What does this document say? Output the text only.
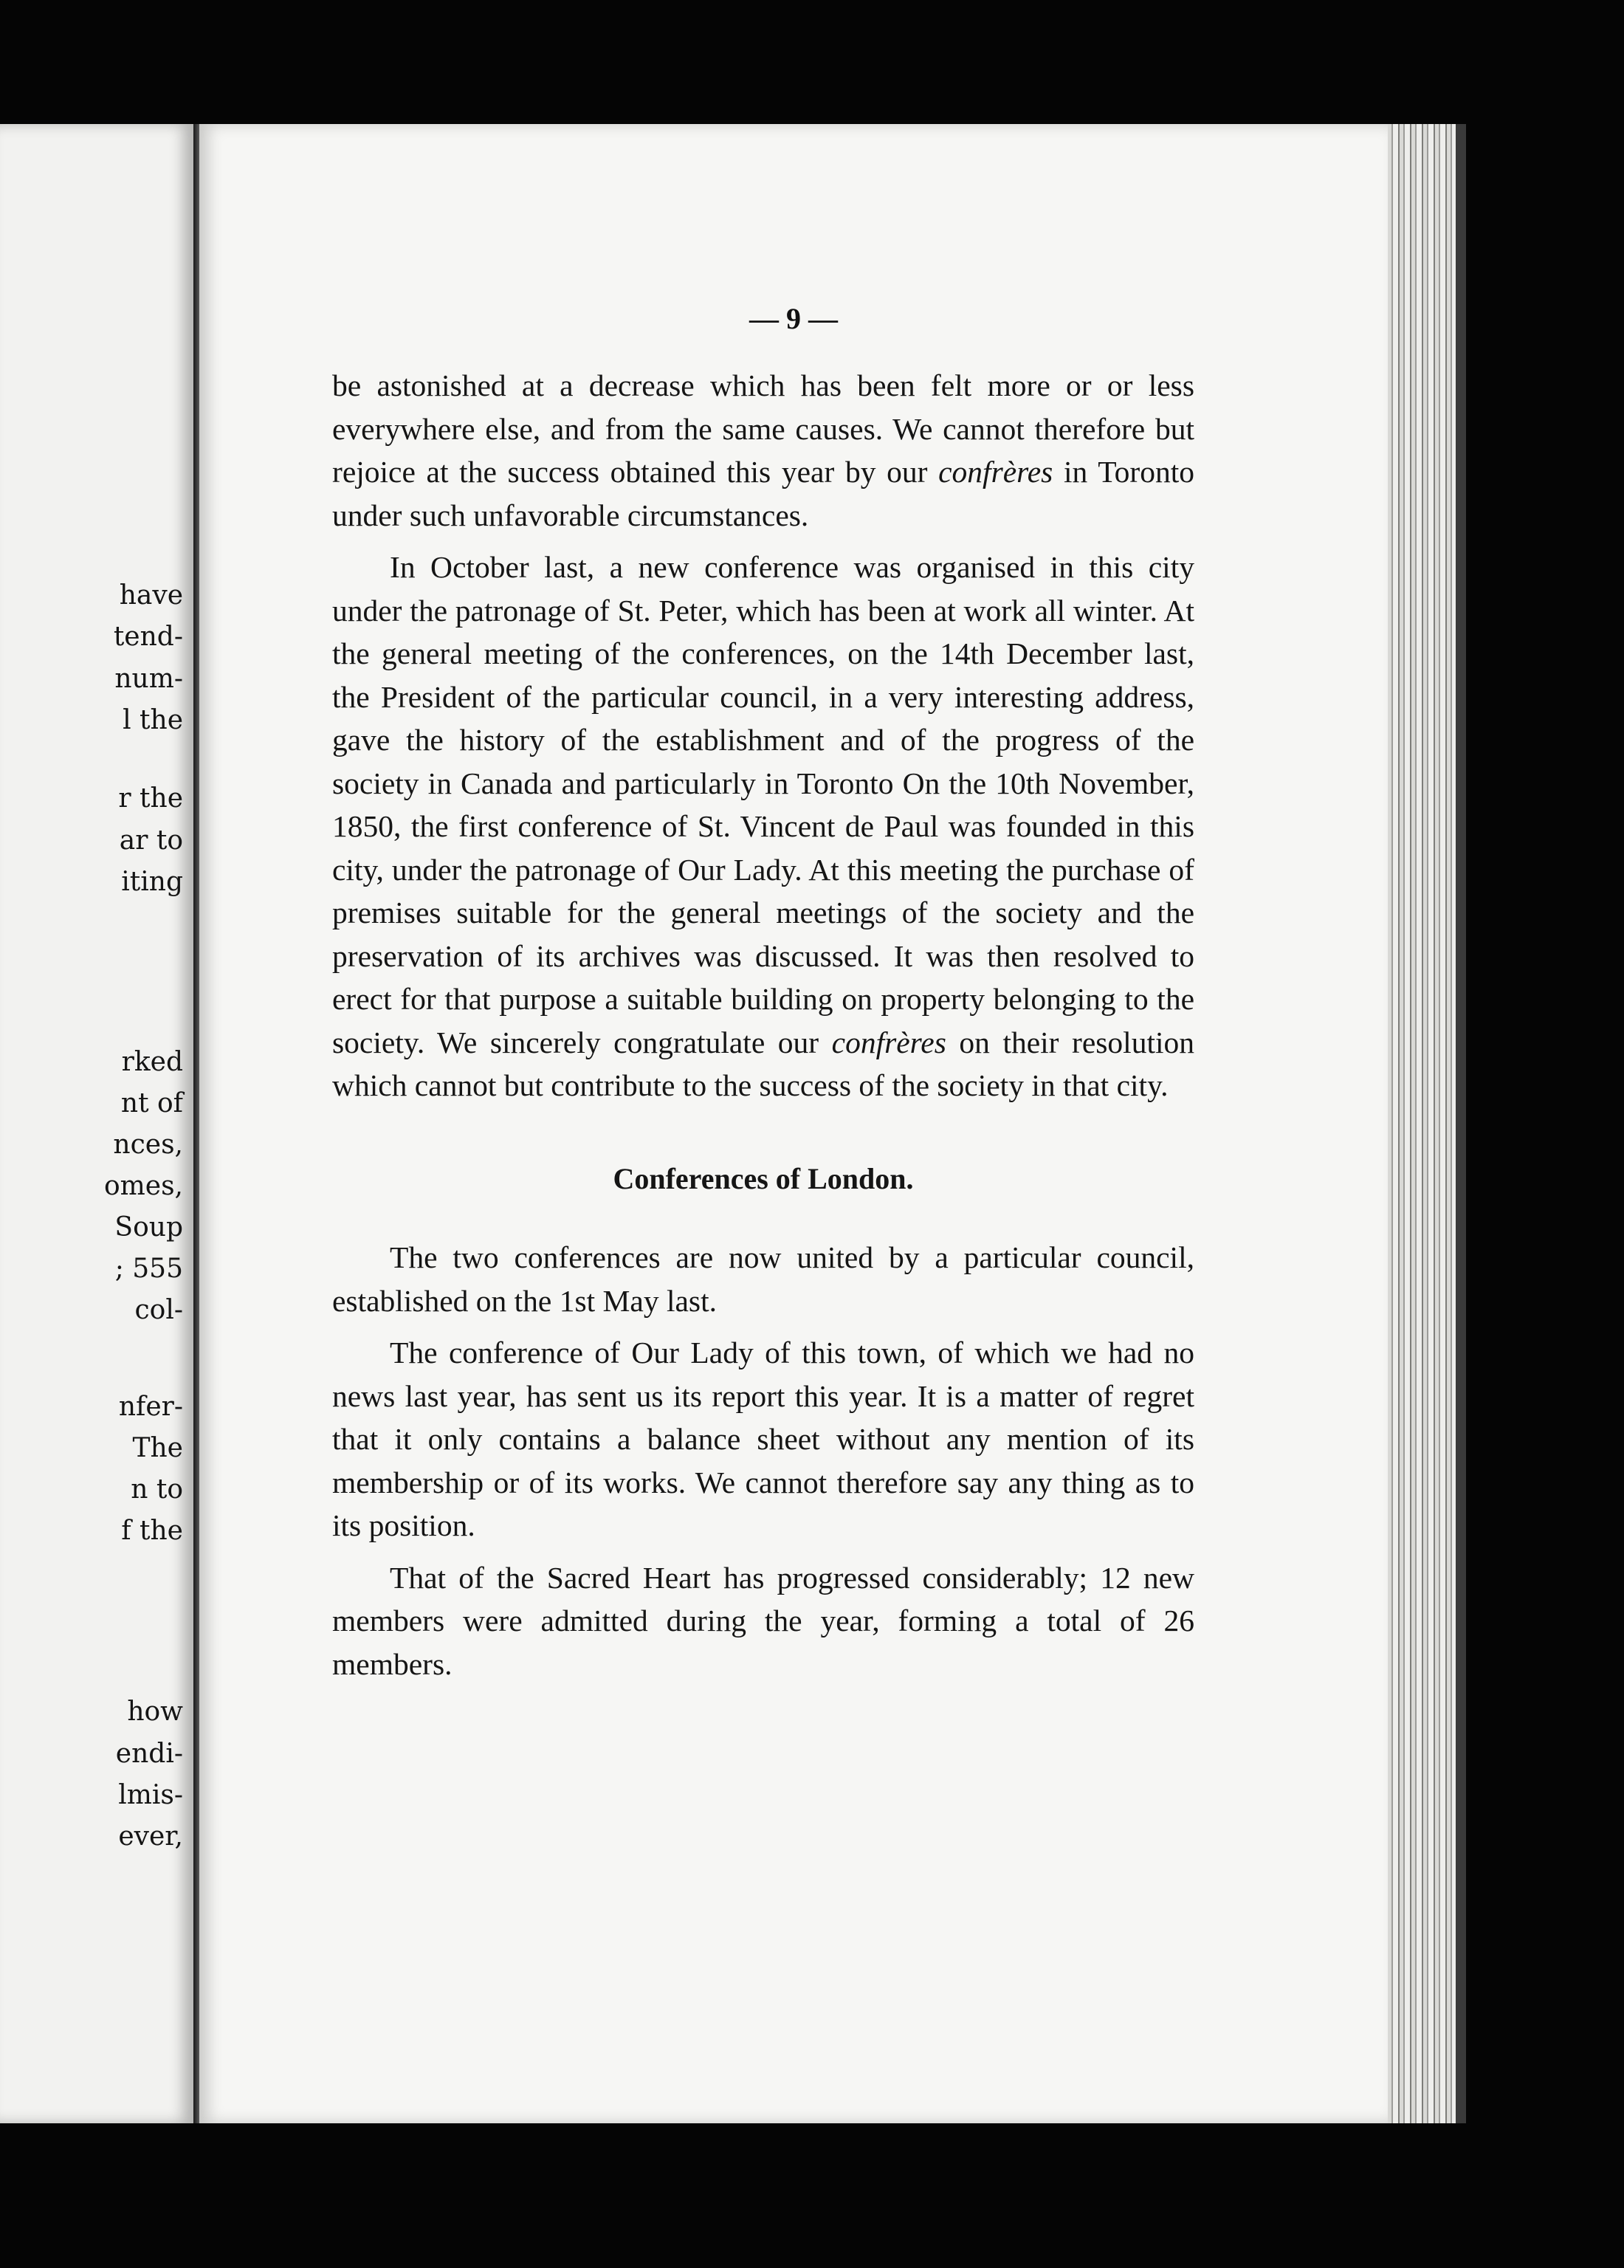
have
tend-
num-
l the
r the
ar to
iting
rked
nt of
nces,
omes,
Soup
; 555
col-
nfer-
The
n to
f the
how
endi-
lmis-
ever,
— 9 —

be astonished at a decrease which has been felt more or or less everywhere else, and from the same causes. We cannot therefore but rejoice at the success obtained this year by our confrères in Toronto under such unfavorable circumstances.

In October last, a new conference was organised in this city under the patronage of St. Peter, which has been at work all winter. At the general meeting of the conferences, on the 14th December last, the President of the particular council, in a very interesting address, gave the history of the establishment and of the progress of the society in Canada and particularly in Toronto On the 10th November, 1850, the first conference of St. Vincent de Paul was founded in this city, under the patronage of Our Lady. At this meeting the purchase of premises suitable for the general meetings of the society and the preservation of its archives was discussed. It was then resolved to erect for that purpose a suitable building on property belonging to the society. We sincerely congratulate our confrères on their resolution which cannot but contribute to the success of the society in that city.

Conferences of London.

The two conferences are now united by a particular council, established on the 1st May last.

The conference of Our Lady of this town, of which we had no news last year, has sent us its report this year. It is a matter of regret that it only contains a balance sheet without any mention of its membership or of its works. We cannot therefore say any thing as to its position.

That of the Sacred Heart has progressed considerably; 12 new members were admitted during the year, forming a total of 26 members.
